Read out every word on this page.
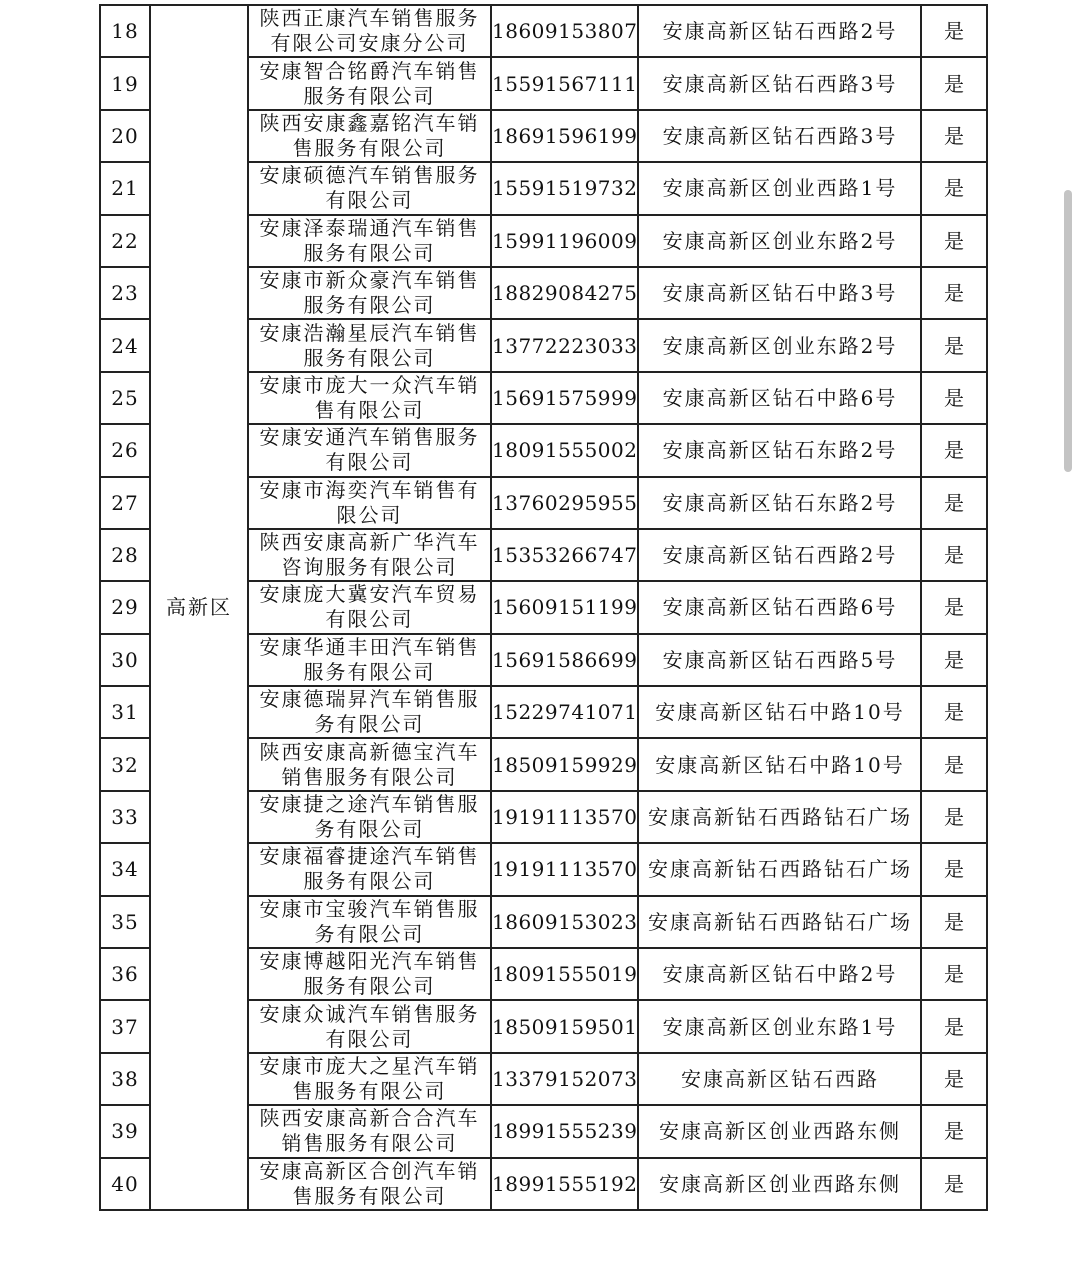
18	高新区	陕西正康汽车销售服务有限公司安康分公司	18609153807	安康高新区钻石西路2号	是
19		安康智合铭爵汽车销售服务有限公司	15591567111	安康高新区钻石西路3号	是
20		陕西安康鑫嘉铭汽车销售服务有限公司	18691596199	安康高新区钻石西路3号	是
21		安康硕德汽车销售服务有限公司	15591519732	安康高新区创业西路1号	是
22		安康泽泰瑞通汽车销售服务有限公司	15991196009	安康高新区创业东路2号	是
23		安康市新众豪汽车销售服务有限公司	18829084275	安康高新区钻石中路3号	是
24		安康浩瀚星辰汽车销售服务有限公司	13772223033	安康高新区创业东路2号	是
25		安康市庞大一众汽车销售有限公司	15691575999	安康高新区钻石中路6号	是
26		安康安通汽车销售服务有限公司	18091555002	安康高新区钻石东路2号	是
27		安康市海奕汽车销售有限公司	13760295955	安康高新区钻石东路2号	是
28		陕西安康高新广华汽车咨询服务有限公司	15353266747	安康高新区钻石西路2号	是
29		安康庞大冀安汽车贸易有限公司	15609151199	安康高新区钻石西路6号	是
30		安康华通丰田汽车销售服务有限公司	15691586699	安康高新区钻石西路5号	是
31		安康德瑞昇汽车销售服务有限公司	15229741071	安康高新区钻石中路10号	是
32		陕西安康高新德宝汽车销售服务有限公司	18509159929	安康高新区钻石中路10号	是
33		安康捷之途汽车销售服务有限公司	19191113570	安康高新钻石西路钻石广场	是
34		安康福睿捷途汽车销售服务有限公司	19191113570	安康高新钻石西路钻石广场	是
35		安康市宝骏汽车销售服务有限公司	18609153023	安康高新钻石西路钻石广场	是
36		安康博越阳光汽车销售服务有限公司	18091555019	安康高新区钻石中路2号	是
37		安康众诚汽车销售服务有限公司	18509159501	安康高新区创业东路1号	是
38		安康市庞大之星汽车销售服务有限公司	13379152073	安康高新区钻石西路	是
39		陕西安康高新合合汽车销售服务有限公司	18991555239	安康高新区创业西路东侧	是
40		安康高新区合创汽车销售服务有限公司	18991555192	安康高新区创业西路东侧	是
